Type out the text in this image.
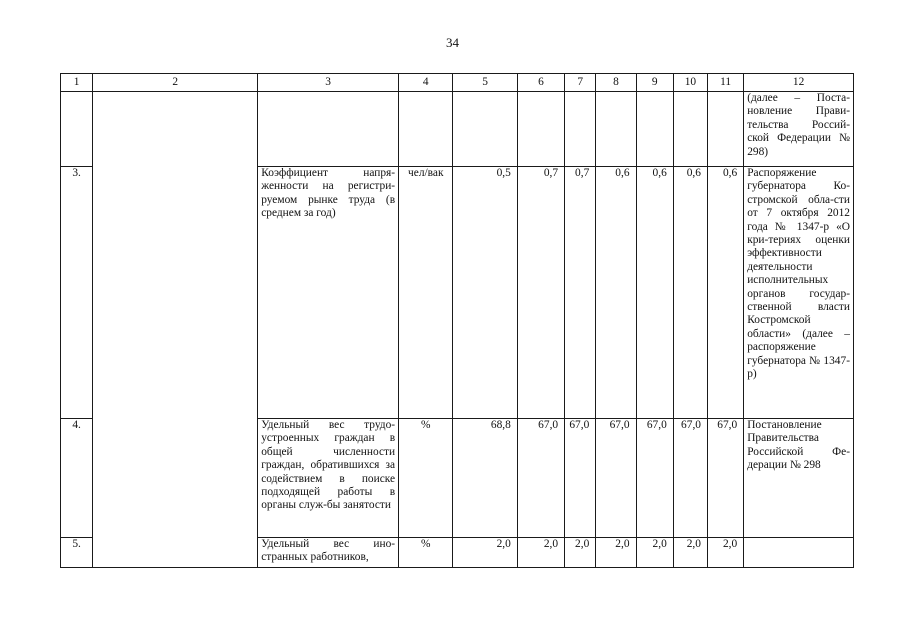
34
1	2	3	4	5	6	7	8	9	10	11	12
											(далее – Поста-новление Прави-тельства Россий-ской Федерации № 298)
3.		Коэффициент напря-женности на регистри-руемом рынке труда (в среднем за год)	чел/вак	0,5	0,7	0,7	0,6	0,6	0,6	0,6	Распоряжение губернатора Ко-стромской обла-сти от 7 октября 2012 года № 1347-р «О кри-териях оценки эффективности деятельности исполнительных органов государ-ственной власти Костромской области» (далее – распоряжение губернатора № 1347-р)
4.		Удельный вес трудо-устроенных граждан в общей численности граждан, обратившихся за содействием в поиске подходящей работы в органы служ-бы занятости	%	68,8	67,0	67,0	67,0	67,0	67,0	67,0	Постановление Правительства Российской Фе-дерации № 298
5.		Удельный вес ино-странных работников,	%	2,0	2,0	2,0	2,0	2,0	2,0	2,0	
